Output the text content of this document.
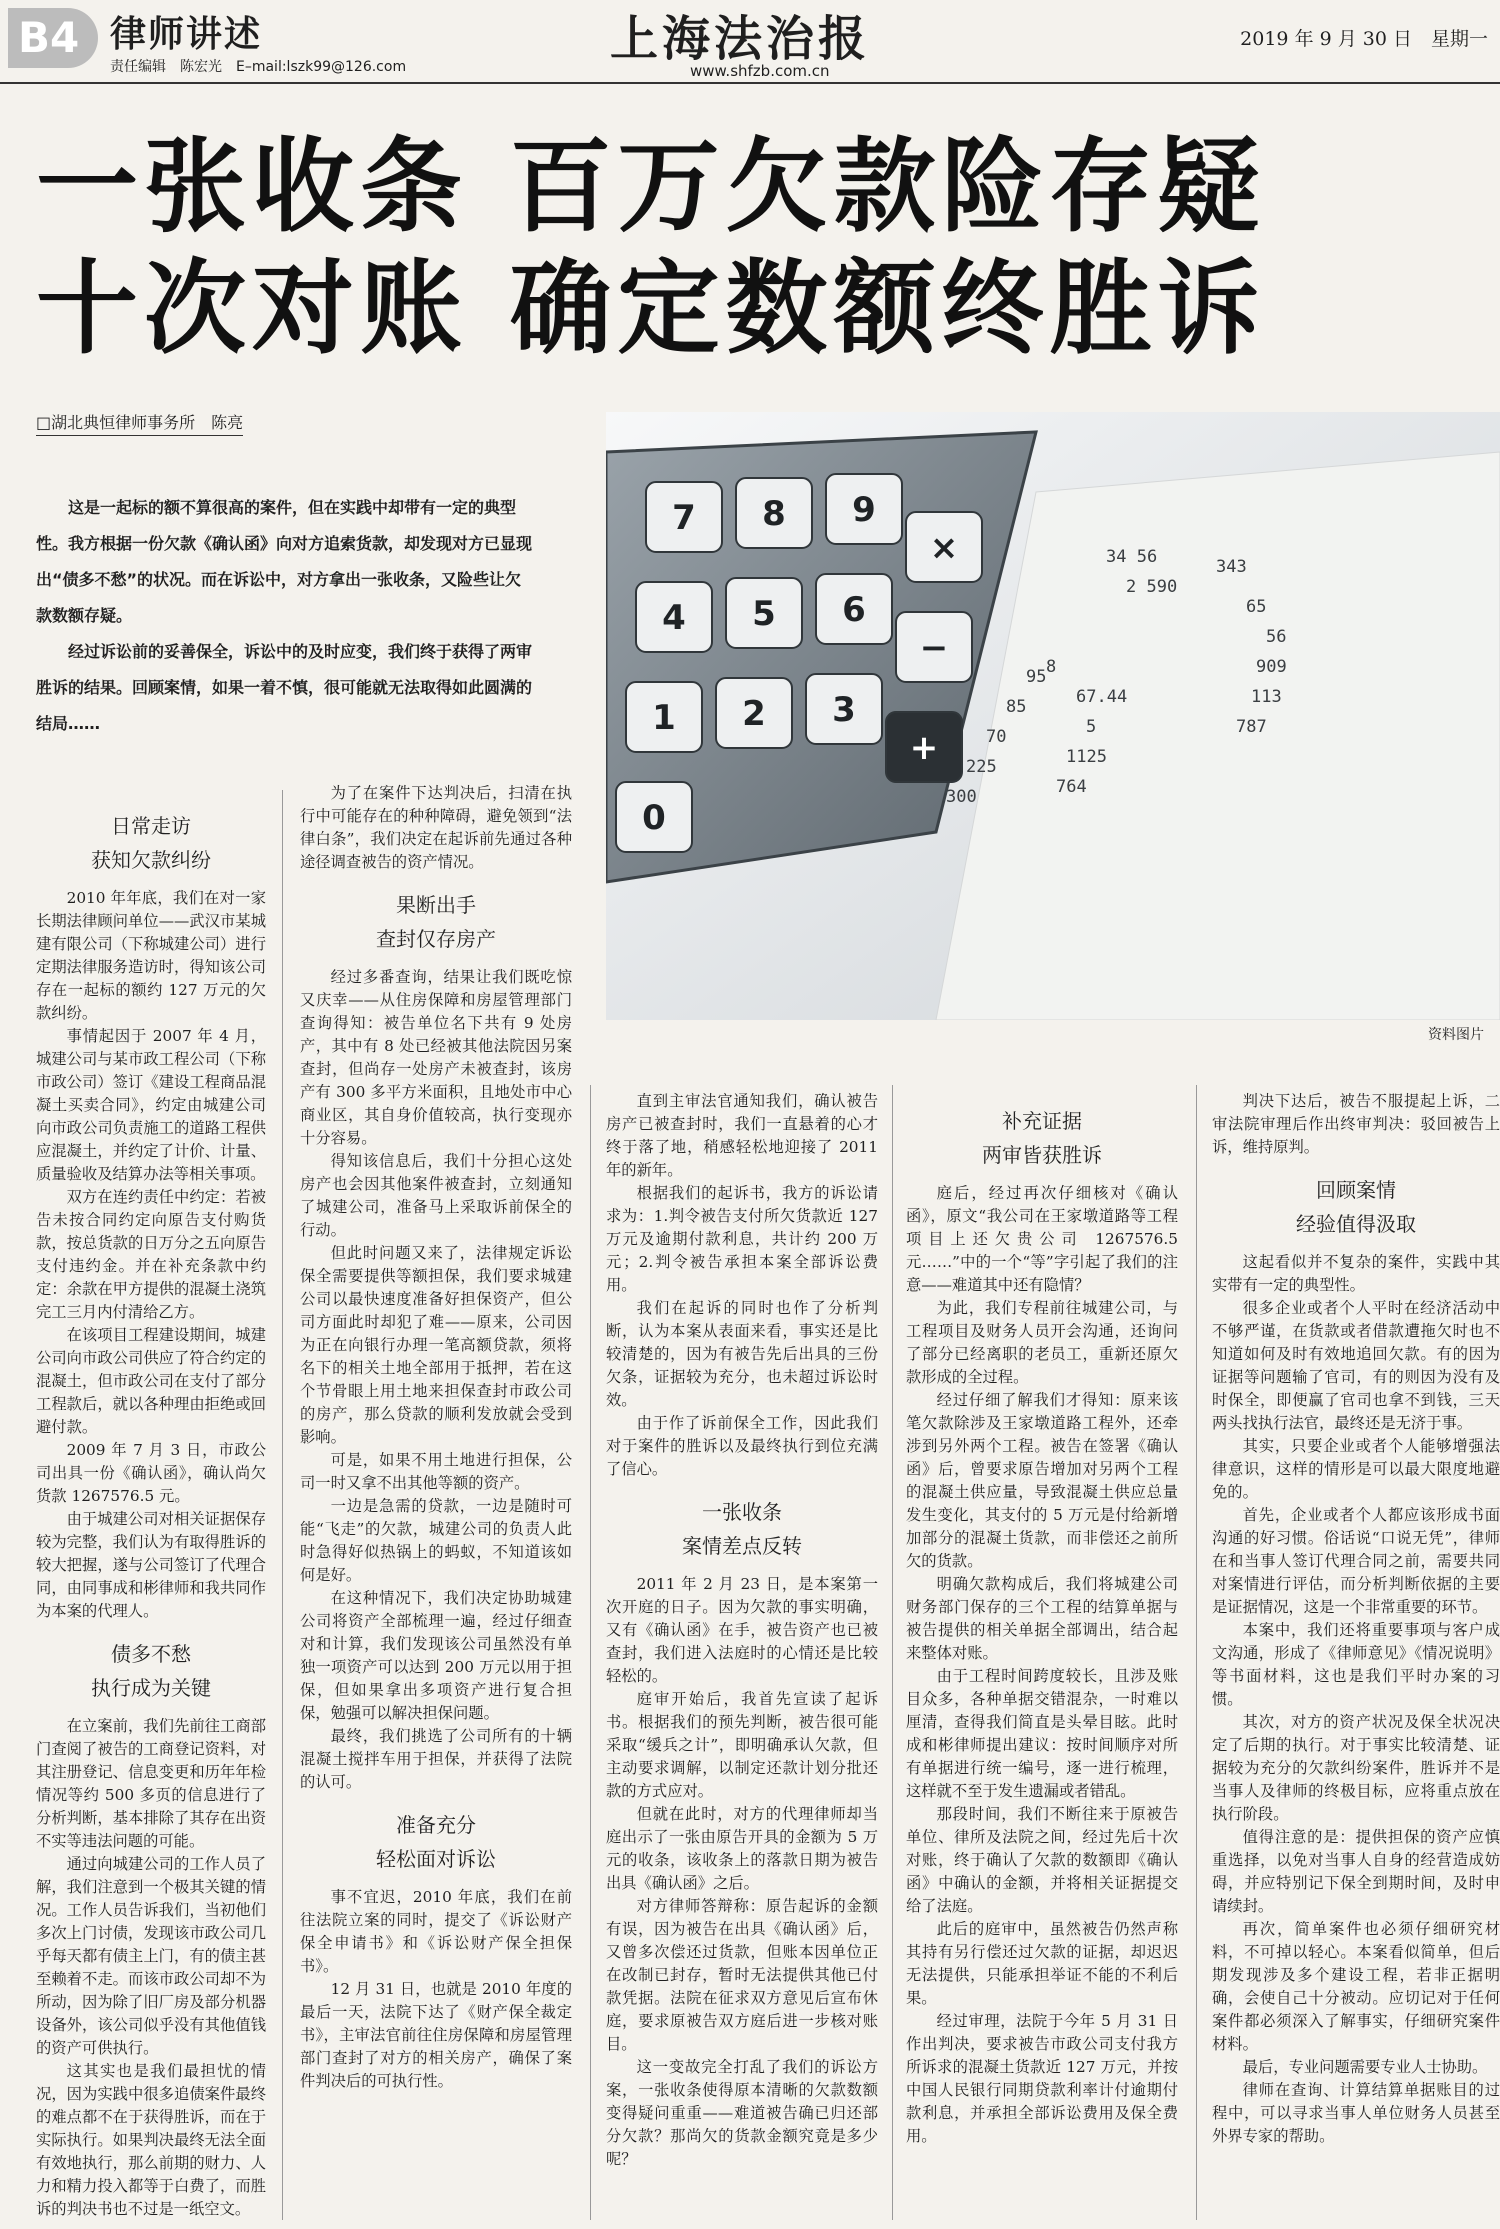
B4 律师讲述
责任编辑　陈宏光　E–mail:lszk99@126.com	上海法治报
www.shfzb.com.cn
2019 年 9 月 30 日　星期一
一张收条 百万欠款险存疑
十次对账 确定数额终胜诉
□湖北典恒律师事务所　陈亮

这是一起标的额不算很高的案件，但在实践中却带有一定的典型性。我方根据一份欠款《确认函》向对方追索货款，却发现对方已显现出“债多不愁”的状况。而在诉讼中，对方拿出一张收条，又险些让欠款数额存疑。

经过诉讼前的妥善保全，诉讼中的及时应变，我们终于获得了两审胜诉的结果。回顾案情，如果一着不慎，很可能就无法取得如此圆满的结局……

34 56
2 590
95
85
70
225
300
8
67.44
5
1125
764
343
65
56
909
113
787
7 8 9
4 5 6
1 2 3
0
×
−
+
资料图片
日常走访
获知欠款纠纷

2010 年年底，我们在对一家长期法律顾问单位——武汉市某城建有限公司（下称城建公司）进行定期法律服务造访时，得知该公司存在一起标的额约 127 万元的欠款纠纷。

事情起因于 2007 年 4 月，城建公司与某市政工程公司（下称市政公司）签订《建设工程商品混凝土买卖合同》，约定由城建公司向市政公司负责施工的道路工程供应混凝土，并约定了计价、计量、质量验收及结算办法等相关事项。

双方在连约责任中约定：若被告未按合同约定向原告支付购货款，按总货款的日万分之五向原告支付违约金。并在补充条款中约定：余款在甲方提供的混凝土浇筑完工三月内付清给乙方。

在该项目工程建设期间，城建公司向市政公司供应了符合约定的混凝土，但市政公司在支付了部分工程款后，就以各种理由拒绝或回避付款。

2009 年 7 月 3 日，市政公司出具一份《确认函》，确认尚欠货款 1267576.5 元。

由于城建公司对相关证据保存较为完整，我们认为有取得胜诉的较大把握，遂与公司签订了代理合同，由同事成和彬律师和我共同作为本案的代理人。

债多不愁
执行成为关键

在立案前，我们先前往工商部门查阅了被告的工商登记资料，对其注册登记、信息变更和历年年检情况等约 500 多页的信息进行了分析判断，基本排除了其存在出资不实等违法问题的可能。

通过向城建公司的工作人员了解，我们注意到一个极其关键的情况。工作人员告诉我们，当初他们多次上门讨债，发现该市政公司几乎每天都有债主上门，有的债主甚至赖着不走。而该市政公司却不为所动，因为除了旧厂房及部分机器设备外，该公司似乎没有其他值钱的资产可供执行。

这其实也是我们最担忧的情况，因为实践中很多追债案件最终的难点都不在于获得胜诉，而在于实际执行。如果判决最终无法全面有效地执行，那么前期的财力、人力和精力投入都等于白费了，而胜诉的判决书也不过是一纸空文。

为了在案件下达判决后，扫清在执行中可能存在的种种障碍，避免领到“法律白条”，我们决定在起诉前先通过各种途径调查被告的资产情况。

果断出手
查封仅存房产

经过多番查询，结果让我们既吃惊又庆幸——从住房保障和房屋管理部门查询得知：被告单位名下共有 9 处房产，其中有 8 处已经被其他法院因另案查封，但尚存一处房产未被查封，该房产有 300 多平方米面积，且地处市中心商业区，其自身价值较高，执行变现亦十分容易。

得知该信息后，我们十分担心这处房产也会因其他案件被查封，立刻通知了城建公司，准备马上采取诉前保全的行动。

但此时问题又来了，法律规定诉讼保全需要提供等额担保，我们要求城建公司以最快速度准备好担保资产，但公司方面此时却犯了难——原来，公司因为正在向银行办理一笔高额贷款，须将名下的相关土地全部用于抵押，若在这个节骨眼上用土地来担保查封市政公司的房产，那么贷款的顺利发放就会受到影响。

可是，如果不用土地进行担保，公司一时又拿不出其他等额的资产。

一边是急需的贷款，一边是随时可能“飞走”的欠款，城建公司的负责人此时急得好似热锅上的蚂蚁，不知道该如何是好。

在这种情况下，我们决定协助城建公司将资产全部梳理一遍，经过仔细查对和计算，我们发现该公司虽然没有单独一项资产可以达到 200 万元以用于担保，但如果拿出多项资产进行复合担保，勉强可以解决担保问题。

最终，我们挑选了公司所有的十辆混凝土搅拌车用于担保，并获得了法院的认可。

准备充分
轻松面对诉讼

事不宜迟，2010 年底，我们在前往法院立案的同时，提交了《诉讼财产保全申请书》和《诉讼财产保全担保书》。

12 月 31 日，也就是 2010 年度的最后一天，法院下达了《财产保全裁定书》，主审法官前往住房保障和房屋管理部门查封了对方的相关房产，确保了案件判决后的可执行性。

直到主审法官通知我们，确认被告房产已被查封时，我们一直悬着的心才终于落了地，稍感轻松地迎接了 2011 年的新年。

根据我们的起诉书，我方的诉讼请求为：1.判令被告支付所欠货款近 127 万元及逾期付款利息，共计约 200 万元；2.判令被告承担本案全部诉讼费用。

我们在起诉的同时也作了分析判断，认为本案从表面来看，事实还是比较清楚的，因为有被告先后出具的三份欠条，证据较为充分，也未超过诉讼时效。

由于作了诉前保全工作，因此我们对于案件的胜诉以及最终执行到位充满了信心。

一张收条
案情差点反转

2011 年 2 月 23 日，是本案第一次开庭的日子。因为欠款的事实明确，又有《确认函》在手，被告资产也已被查封，我们进入法庭时的心情还是比较轻松的。

庭审开始后，我首先宣读了起诉书。根据我们的预先判断，被告很可能采取“缓兵之计”，即明确承认欠款，但主动要求调解，以制定还款计划分批还款的方式应对。

但就在此时，对方的代理律师却当庭出示了一张由原告开具的金额为 5 万元的收条，该收条上的落款日期为被告出具《确认函》之后。

对方律师答辩称：原告起诉的金额有误，因为被告在出具《确认函》后，又曾多次偿还过货款，但账本因单位正在改制已封存，暂时无法提供其他已付款凭据。法院在征求双方意见后宣布休庭，要求原被告双方庭后进一步核对账目。

这一变故完全打乱了我们的诉讼方案，一张收条使得原本清晰的欠款数额变得疑问重重——难道被告确已归还部分欠款？那尚欠的货款金额究竟是多少呢？

补充证据
两审皆获胜诉

庭后，经过再次仔细核对《确认函》，原文“我公司在王家墩道路等工程项目上还欠贵公司 1267576.5 元……”中的一个“等”字引起了我们的注意——难道其中还有隐情？

为此，我们专程前往城建公司，与工程项目及财务人员开会沟通，还询问了部分已经离职的老员工，重新还原欠款形成的全过程。

经过仔细了解我们才得知：原来该笔欠款除涉及王家墩道路工程外，还牵涉到另外两个工程。被告在签署《确认函》后，曾要求原告增加对另两个工程的混凝土供应量，导致混凝土供应总量发生变化，其支付的 5 万元是付给新增加部分的混凝土货款，而非偿还之前所欠的货款。

明确欠款构成后，我们将城建公司财务部门保存的三个工程的结算单据与被告提供的相关单据全部调出，结合起来整体对账。

由于工程时间跨度较长，且涉及账目众多，各种单据交错混杂，一时难以厘清，查得我们简直是头晕目眩。此时成和彬律师提出建议：按时间顺序对所有单据进行统一编号，逐一进行梳理，这样就不至于发生遗漏或者错乱。

那段时间，我们不断往来于原被告单位、律所及法院之间，经过先后十次对账，终于确认了欠款的数额即《确认函》中确认的金额，并将相关证据提交给了法庭。

此后的庭审中，虽然被告仍然声称其持有另行偿还过欠款的证据，却迟迟无法提供，只能承担举证不能的不利后果。

经过审理，法院于今年 5 月 31 日作出判决，要求被告市政公司支付我方所诉求的混凝土货款近 127 万元，并按中国人民银行同期贷款利率计付逾期付款利息，并承担全部诉讼费用及保全费用。

判决下达后，被告不服提起上诉，二审法院审理后作出终审判决：驳回被告上诉，维持原判。

回顾案情
经验值得汲取

这起看似并不复杂的案件，实践中其实带有一定的典型性。

很多企业或者个人平时在经济活动中不够严谨，在货款或者借款遭拖欠时也不知道如何及时有效地追回欠款。有的因为证据等问题输了官司，有的则因为没有及时保全，即便赢了官司也拿不到钱，三天两头找执行法官，最终还是无济于事。

其实，只要企业或者个人能够增强法律意识，这样的情形是可以最大限度地避免的。

首先，企业或者个人都应该形成书面沟通的好习惯。俗话说“口说无凭”，律师在和当事人签订代理合同之前，需要共同对案情进行评估，而分析判断依据的主要是证据情况，这是一个非常重要的环节。

本案中，我们还将重要事项与客户成文沟通，形成了《律师意见》《情况说明》等书面材料，这也是我们平时办案的习惯。

其次，对方的资产状况及保全状况决定了后期的执行。对于事实比较清楚、证据较为充分的欠款纠纷案件，胜诉并不是当事人及律师的终极目标，应将重点放在执行阶段。

值得注意的是：提供担保的资产应慎重选择，以免对当事人自身的经营造成妨碍，并应特别记下保全到期时间，及时申请续封。

再次，简单案件也必须仔细研究材料，不可掉以轻心。本案看似简单，但后期发现涉及多个建设工程，若非正据明确，会使自己十分被动。应切记对于任何案件都必须深入了解事实，仔细研究案件材料。

最后，专业问题需要专业人士协助。

律师在查询、计算结算单据账目的过程中，可以寻求当事人单位财务人员甚至外界专家的帮助。
